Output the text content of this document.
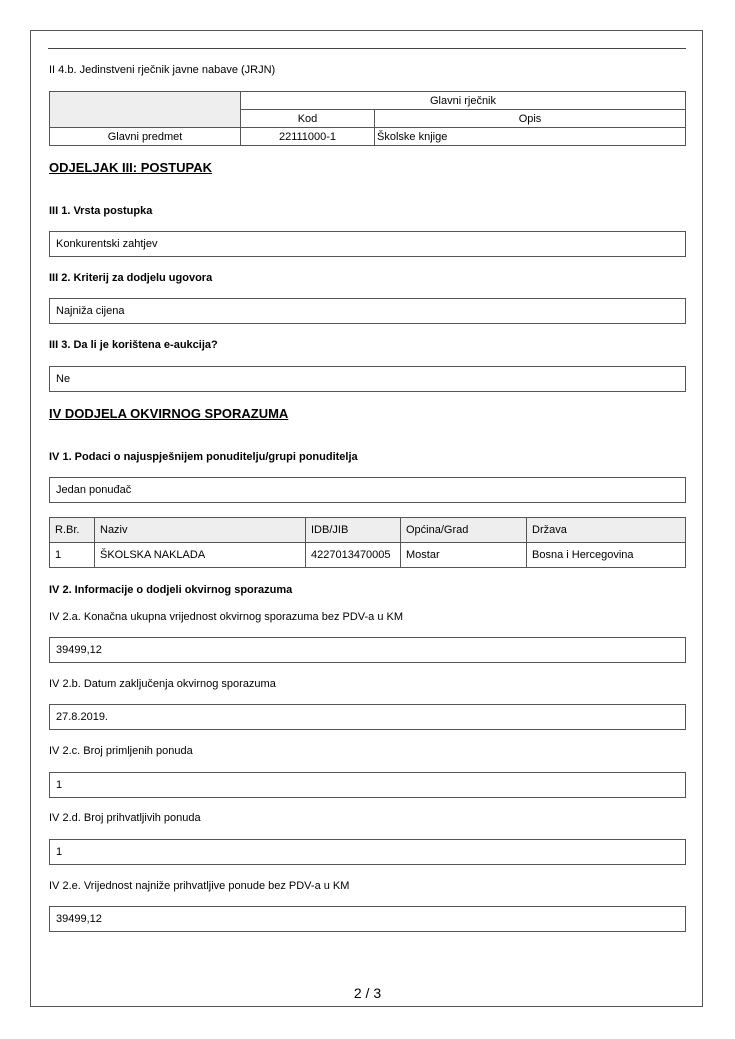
II 4.b. Jedinstveni rječnik javne nabave (JRJN)
	Glavni rječnik	
	Kod	Opis
Glavni predmet	22111000-1	Školske knjige
ODJELJAK III: POSTUPAK
III 1. Vrsta postupka
Konkurentski zahtjev
III 2. Kriterij za dodjelu ugovora
Najniža cijena
III 3. Da li je korištena e-aukcija?
Ne
IV DODJELA OKVIRNOG SPORAZUMA
IV 1. Podaci o najuspješnijem ponuditelju/grupi ponuditelja
Jedan ponuđač
R.Br.	Naziv	IDB/JIB	Općina/Grad	Država
1	ŠKOLSKA NAKLADA	4227013470005	Mostar	Bosna i Hercegovina
IV 2. Informacije o dodjeli okvirnog sporazuma
IV 2.a. Konačna ukupna vrijednost okvirnog sporazuma bez PDV-a u KM
39499,12
IV 2.b. Datum zaključenja okvirnog sporazuma
27.8.2019.
IV 2.c. Broj primljenih ponuda
1
IV 2.d. Broj prihvatljivih ponuda
1
IV 2.e. Vrijednost najniže prihvatljive ponude bez PDV-a u KM
39499,12
2 / 3
